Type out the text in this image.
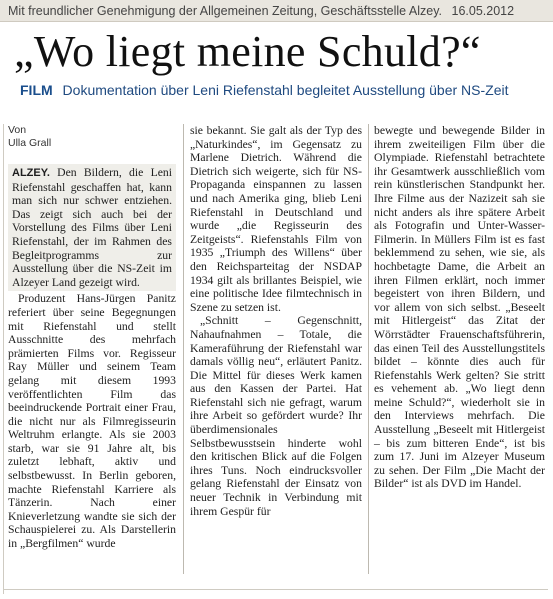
Mit freundlicher Genehmigung der Allgemeinen Zeitung, Geschäftsstelle Alzey. 16.05.2012
„Wo liegt meine Schuld?“
FILM Dokumentation über Leni Riefenstahl begleitet Ausstellung über NS-Zeit
Von
Ulla Grall

ALZEY. Den Bildern, die Leni Riefenstahl geschaffen hat, kann man sich nur schwer entziehen. Das zeigt sich auch bei der Vorstellung des Films über Leni Riefenstahl, der im Rahmen des Begleitprogramms zur Ausstellung über die NS-Zeit im Alzeyer Land gezeigt wird.

Produzent Hans-Jürgen Panitz referiert über seine Begegnungen mit Riefenstahl und stellt Ausschnitte des mehrfach prämierten Films vor. Regisseur Ray Müller und seinem Team gelang mit diesem 1993 veröffentlichten Film das beeindruckende Portrait einer Frau, die nicht nur als Filmregisseurin Weltruhm erlangte. Als sie 2003 starb, war sie 91 Jahre alt, bis zuletzt lebhaft, aktiv und selbstbewusst. In Berlin geboren, machte Riefenstahl Karriere als Tänzerin. Nach einer Knieverletzung wandte sie sich der Schauspielerei zu. Als Darstellerin in „Bergfilmen“ wurde

sie bekannt. Sie galt als der Typ des „Naturkindes“, im Gegensatz zu Marlene Dietrich. Während die Dietrich sich weigerte, sich für NS-Propaganda einspannen zu lassen und nach Amerika ging, blieb Leni Riefenstahl in Deutschland und wurde „die Regisseurin des Zeitgeists“. Riefenstahls Film von 1935 „Triumph des Willens“ über den Reichsparteitag der NSDAP 1934 gilt als brillantes Beispiel, wie eine politische Idee filmtechnisch in Szene zu setzen ist.

„Schnitt – Gegenschnitt, Nahaufnahmen – Totale, die Kameraführung der Riefenstahl war damals völlig neu“, erläutert Panitz. Die Mittel für dieses Werk kamen aus den Kassen der Partei. Hat Riefenstahl sich nie gefragt, warum ihre Arbeit so gefördert wurde? Ihr überdimensionales Selbstbewusstsein hinderte wohl den kritischen Blick auf die Folgen ihres Tuns. Noch eindrucksvoller gelang Riefenstahl der Einsatz von neuer Technik in Verbindung mit ihrem Gespür für

bewegte und bewegende Bilder in ihrem zweiteiligen Film über die Olympiade. Riefenstahl betrachtete ihr Gesamtwerk ausschließlich vom rein künstlerischen Standpunkt her. Ihre Filme aus der Nazizeit sah sie nicht anders als ihre spätere Arbeit als Fotografin und Unter-Wasser-Filmerin. In Müllers Film ist es fast beklemmend zu sehen, wie sie, als hochbetagte Dame, die Arbeit an ihren Filmen erklärt, noch immer begeistert von ihren Bildern, und vor allem von sich selbst. „Beseelt mit Hitlergeist“ das Zitat der Wörrstädter Frauenschaftsführerin, das einen Teil des Ausstellungstitels bildet – könnte dies auch für Riefenstahls Werk gelten? Sie stritt es vehement ab. „Wo liegt denn meine Schuld?“, wiederholt sie in den Interviews mehrfach. Die Ausstellung „Beseelt mit Hitlergeist – bis zum bitteren Ende“, ist bis zum 17. Juni im Alzeyer Museum zu sehen. Der Film „Die Macht der Bilder“ ist als DVD im Handel.
